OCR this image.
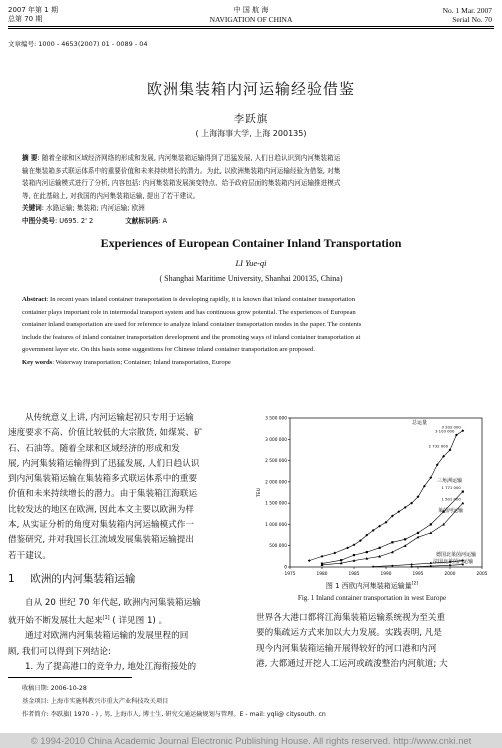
2007 年第 1 期
总第 70 期
中 国 航 海
NAVIGATION OF CHINA
No. 1 Mar. 2007
Serial No. 70
文章编号: 1000 - 4653(2007) 01 - 0089 - 04
欧洲集装箱内河运输经验借鉴
李跃旗
( 上海海事大学, 上海 200135)
摘 要: 随着全球和区域经济网络的形成和发展, 内河集装箱运输得到了迅猛发展, 人们日趋认识到内河集装箱运
输在集装箱多式联运体系中的重要价值和未来持续增长的潜力。为此, 以欧洲集装箱内河运输经验为借鉴, 对集
装箱内河运输模式进行了分析, 内容包括: 内河集装箱发展演变特点、给予政府层面的集装箱内河运输推进模式
等, 在此基础上, 对我国的内河集装箱运输, 提出了若干建议。
关键词: 水路运输; 集装箱; 内河运输; 欧洲
中图分类号: U695. 2' 2	文献标识码: A
Experiences of European Container Inland Transportation
LI Yue-qi
( Shanghai Maritime University, Shanhai 200135, China)
Abstract: In recent years inland container transportation is developing rapidly, it is known that inland container transportation
container plays important role in intermodal transport system and has continuous grow potential. The experiences of European
container inland transportation are used for reference to analyze inland container transportation modes in the paper. The contents
include the features of inland container transportation development and the promoting ways of inland container transportation at
government layer etc. On this basis some suggestions for Chinese inland container transportation are proposed.
Key words: Waterway transportation; Container; Inland transportation, Europe
从传统意义上讲, 内河运输起初只专用于运输
速度要求不高、价值比较低的大宗散货, 如煤炭、矿
石、石油等。随着全球和区域经济的形成和发
展, 内河集装箱运输得到了迅猛发展, 人们日趋认识
到内河集装箱运输在集装箱多式联运体系中的重要
价值和未来持续增长的潜力。由于集装箱江海联运
比较发达的地区在欧洲, 因此本文主要以欧洲为样
本, 从实证分析的角度对集装箱内河运输模式作一
借鉴研究, 并对我国长江流域发展集装箱运输提出
若干建议。
1 欧洲的内河集装箱运输
自从 20 世纪 70 年代起, 欧洲内河集装箱运输
就开始不断发展壮大起来[1] ( 详见图 1) 。
通过对欧洲内河集装箱运输的发展里程的回
顾, 我们可以得到下列结论:
1. 为了提高港口的竞争力, 地处江海衔接处的
3 500 000
3 000 000
2 500 000
2 000 000
1 500 000
1 000 000
500 000
0
1975	1980	1985	1990	1995	2000	2005
TEU
2 732 000
3 103 000
3 202 000
总运量
1 771 000
三角洲运输
1 501 000
莱茵河运输
德国北莱茵河运输
法国北莱茵河运输
图 1 西欧内河集装箱运输量[2]
Fig. 1 Inland container transportation in west Europe
世界各大港口都将江海集装箱运输系统视为至关重
要的集疏运方式来加以大力发展。实践表明, 凡是
现今内河集装箱运输开展得较好的河口港和内河
港, 大都通过开挖人工运河或疏浚整治内河航道; 大
收稿日期: 2006-10-28
基金项目: 上海市实施科教兴市重大产业科技攻关项目
作者简介: 李跃旗( 1970 - ) , 男, 上海市人, 博士生, 研究交通运输规划与管理。E - mail: yqli@ citysouth. cn
© 1994-2010 China Academic Journal Electronic Publishing House. All rights reserved. http://www.cnki.net
